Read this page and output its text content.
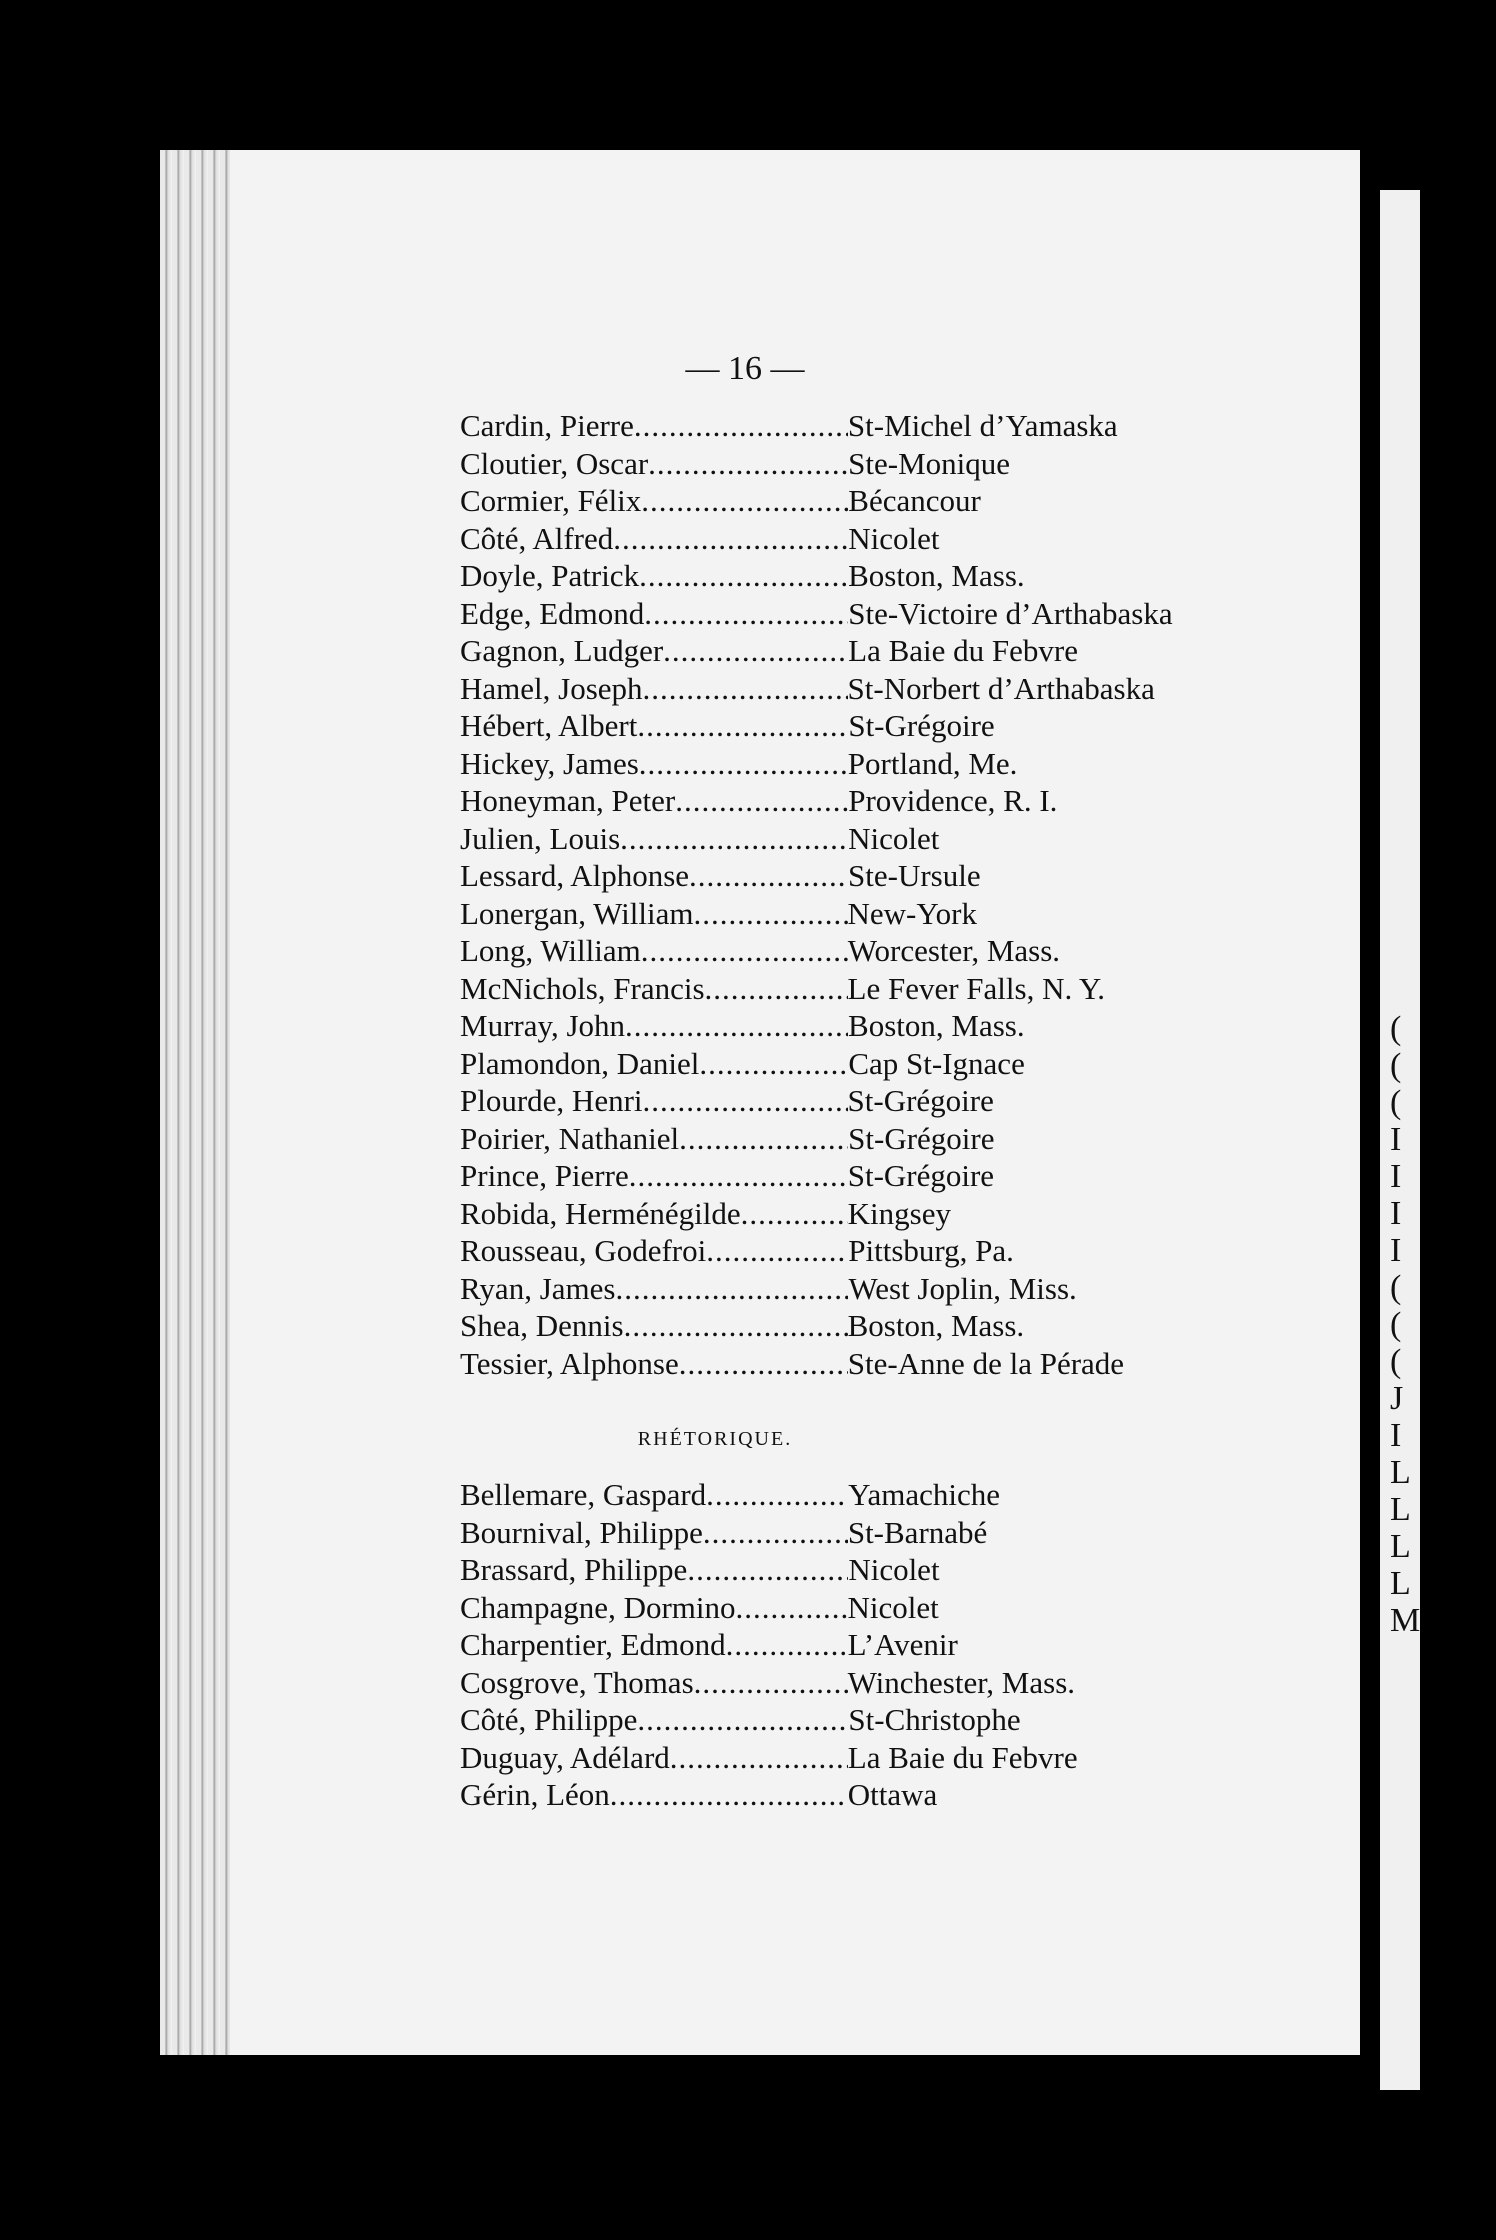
— 16 —
Cardin, Pierre .....	St-Michel d’Yamaska
Cloutier, Oscar .....	Ste-Monique
Cormier, Félix .....	Bécancour
Côté, Alfred .....	Nicolet
Doyle, Patrick .....	Boston, Mass.
Edge, Edmond .....	Ste-Victoire d’Arthabaska
Gagnon, Ludger .....	La Baie du Febvre
Hamel, Joseph .....	St-Norbert d’Arthabaska
Hébert, Albert .....	St-Grégoire
Hickey, James .....	Portland, Me.
Honeyman, Peter .....	Providence, R. I.
Julien, Louis .....	Nicolet
Lessard, Alphonse .....	Ste-Ursule
Lonergan, William .....	New-York
Long, William .....	Worcester, Mass.
McNichols, Francis .....	Le Fever Falls, N. Y.
Murray, John .....	Boston, Mass.
Plamondon, Daniel .....	Cap St-Ignace
Plourde, Henri .....	St-Grégoire
Poirier, Nathaniel .....	St-Grégoire
Prince, Pierre .....	St-Grégoire
Robida, Herménégilde .....	Kingsey
Rousseau, Godefroi .....	Pittsburg, Pa.
Ryan, James .....	West Joplin, Miss.
Shea, Dennis .....	Boston, Mass.
Tessier, Alphonse .....	Ste-Anne de la Pérade
RHÉTORIQUE.
Bellemare, Gaspard .....	Yamachiche
Bournival, Philippe .....	St-Barnabé
Brassard, Philippe .....	Nicolet
Champagne, Dormino .....	Nicolet
Charpentier, Edmond .....	L’Avenir
Cosgrove, Thomas .....	Winchester, Mass.
Côté, Philippe .....	St-Christophe
Duguay, Adélard .....	La Baie du Febvre
Gérin, Léon .....	Ottawa
(
(
(
I
I
I
I
(
(
(
J
I
L
L
L
L
M
